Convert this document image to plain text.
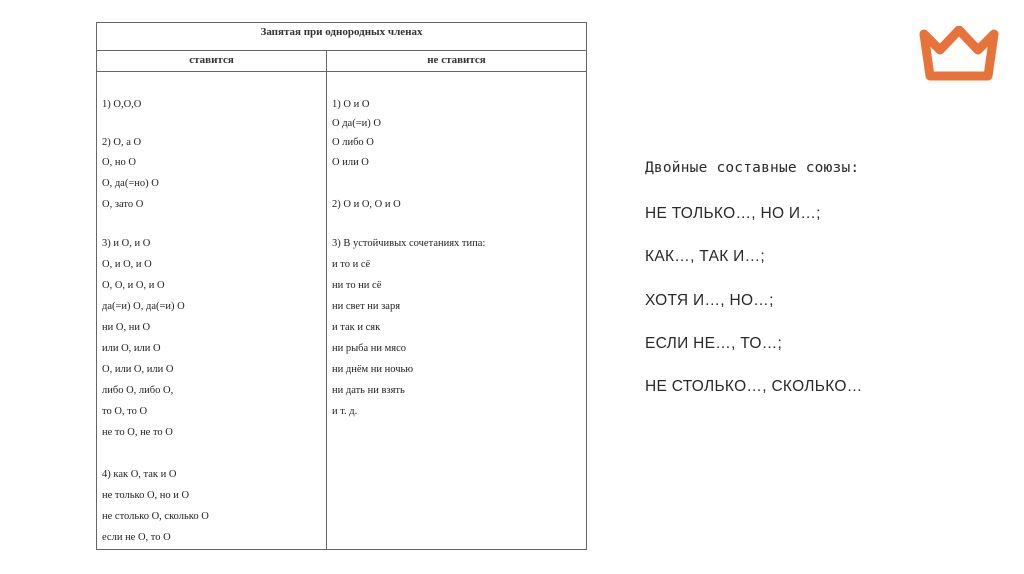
Запятая при однородных членах
ставится	не ставится
1) О,О,О
2) О, а О
О, но О
О, да(=но) О
О, зато О
3) и О, и О
О, и О, и О
О, О, и О, и О
да(=и) О, да(=и) О
ни О, ни О
или О, или О
О, или О, или О
либо О, либо О,
то О, то О
не то О, не то О
4) как О, так и О
не только О, но и О
не столько О, сколько О
если не О, то О
1) О и О
О да(=и) О
О либо О
О или О
2) О и О, О и О
3) В устойчивых сочетаниях типа:
и то и сё
ни то ни сё
ни свет ни заря
и так и сяк
ни рыба ни мясо
ни днём ни ночью
ни дать ни взять
и т. д.
Двойные составные союзы:
НЕ ТОЛЬКО…, НО И…;
КАК…, ТАК И…;
ХОТЯ И…, НО…;
ЕСЛИ НЕ…, ТО…;
НЕ СТОЛЬКО…, СКОЛЬКО…
